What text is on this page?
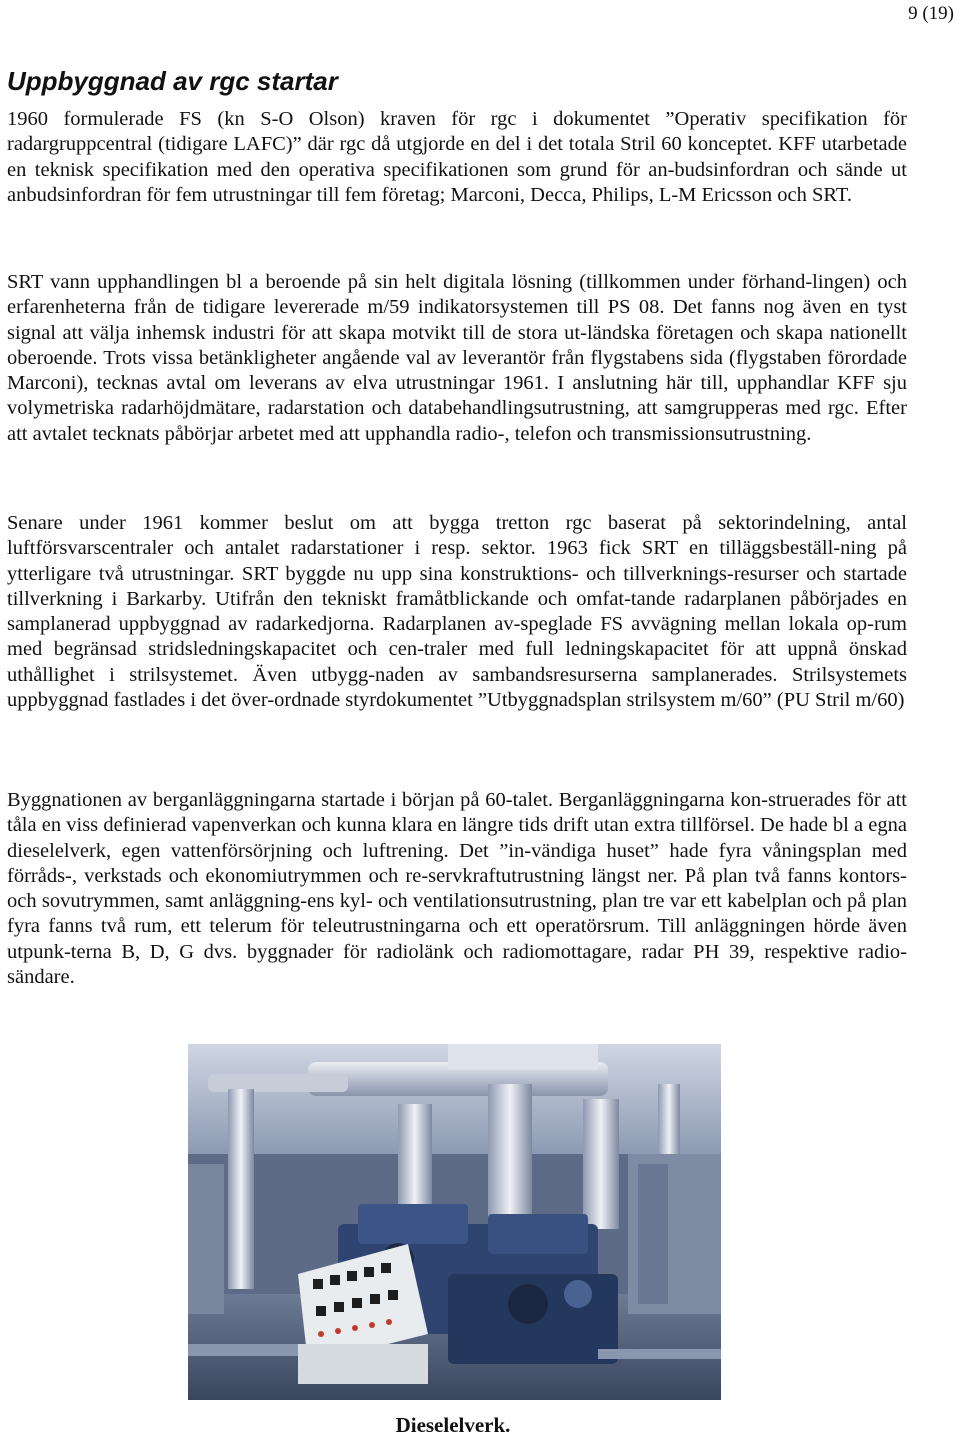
9 (19)
Uppbyggnad av rgc startar

1960 formulerade FS (kn S-O Olson) kraven för rgc i dokumentet ”Operativ specifikation för radargruppcentral (tidigare LAFC)” där rgc då utgjorde en del i det totala Stril 60 konceptet. KFF utarbetade en teknisk specifikation med den operativa specifikationen som grund för an-budsinfordran och sände ut anbudsinfordran för fem utrustningar till fem företag; Marconi, Decca, Philips, L-M Ericsson och SRT.

SRT vann upphandlingen bl a beroende på sin helt digitala lösning (tillkommen under förhand-lingen) och erfarenheterna från de tidigare levererade m/59 indikatorsystemen till PS 08. Det fanns nog även en tyst signal att välja inhemsk industri för att skapa motvikt till de stora ut-ländska företagen och skapa nationellt oberoende. Trots vissa betänkligheter angående val av leverantör från flygstabens sida (flygstaben förordade Marconi), tecknas avtal om leverans av elva utrustningar 1961. I anslutning här till, upphandlar KFF sju volymetriska radarhöjdmätare, radarstation och databehandlingsutrustning, att samgrupperas med rgc. Efter att avtalet tecknats påbörjar arbetet med att upphandla radio-, telefon och transmissionsutrustning.

Senare under 1961 kommer beslut om att bygga tretton rgc baserat på sektorindelning, antal luftförsvarscentraler och antalet radarstationer i resp. sektor. 1963 fick SRT en tilläggsbeställ-ning på ytterligare två utrustningar. SRT byggde nu upp sina konstruktions- och tillverknings-resurser och startade tillverkning i Barkarby. Utifrån den tekniskt framåtblickande och omfat-tande radarplanen påbörjades en samplanerad uppbyggnad av radarkedjorna. Radarplanen av-speglade FS avvägning mellan lokala op-rum med begränsad stridsledningskapacitet och cen-traler med full ledningskapacitet för att uppnå önskad uthållighet i strilsystemet. Även utbygg-naden av sambandsresurserna samplanerades. Strilsystemets uppbyggnad fastlades i det över-ordnade styrdokumentet ”Utbyggnadsplan strilsystem m/60” (PU Stril m/60)

Byggnationen av berganläggningarna startade i början på 60-talet. Berganläggningarna kon-struerades för att tåla en viss definierad vapenverkan och kunna klara en längre tids drift utan extra tillförsel. De hade bl a egna dieselelverk, egen vattenförsörjning och luftrening. Det ”in-vändiga huset” hade fyra våningsplan med förråds-, verkstads och ekonomiutrymmen och re-servkraftutrustning längst ner. På plan två fanns kontors- och sovutrymmen, samt anläggning-ens kyl- och ventilationsutrustning, plan tre var ett kabelplan och på plan fyra fanns två rum, ett telerum för teleutrustningarna och ett operatörsrum. Till anläggningen hörde även utpunk-terna B, D, G dvs. byggnader för radiolänk och radiomottagare, radar PH 39, respektive radio-sändare.

Dieselelverk.
